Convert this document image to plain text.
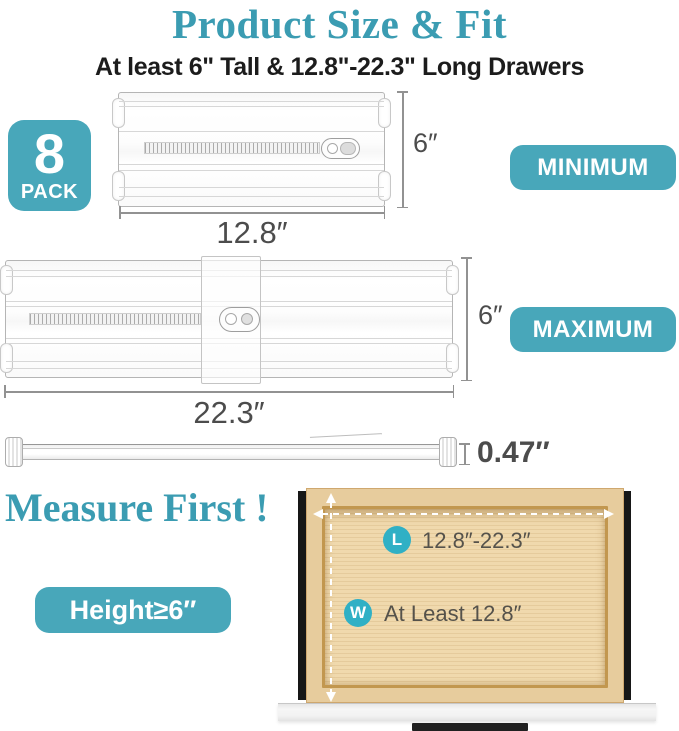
Product Size & Fit
At least 6" Tall & 12.8"-22.3" Long Drawers
8
PACK
6″
12.8″
MINIMUM
6″
22.3″
MAXIMUM
0.47″
Measure First !
Height≥6″
L 12.8″-22.3″
W At Least 12.8″
